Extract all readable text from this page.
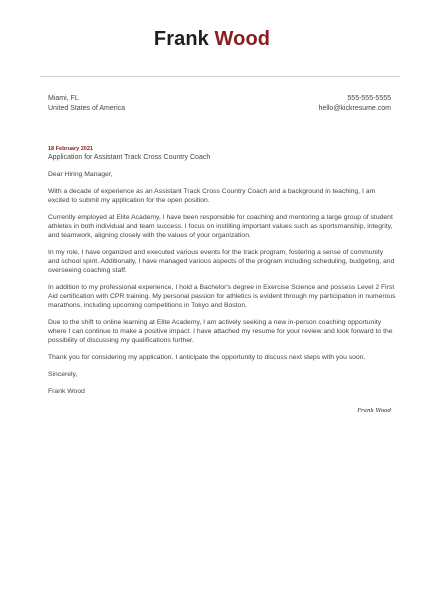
Frank Wood
Miami, FL
United States of America
555-555-5555
hello@kickresume.com
18 February 2021
Application for Assistant Track Cross Country Coach

Dear Hiring Manager,

With a decade of experience as an Assistant Track Cross Country Coach and a background in teaching, I am excited to submit my application for the open position.

Currently employed at Elite Academy, I have been responsible for coaching and mentoring a large group of student athletes in both individual and team success. I focus on instilling important values such as sportsmanship, integrity, and teamwork, aligning closely with the values of your organization.

In my role, I have organized and executed various events for the track program, fostering a sense of community and school spirit. Additionally, I have managed various aspects of the program including scheduling, budgeting, and overseeing coaching staff.

In addition to my professional experience, I hold a Bachelor's degree in Exercise Science and possess Level 2 First Aid certification with CPR training. My personal passion for athletics is evident through my participation in numerous marathons, including upcoming competitions in Tokyo and Boston.

Due to the shift to online learning at Elite Academy, I am actively seeking a new in-person coaching opportunity where I can continue to make a positive impact. I have attached my resume for your review and look forward to the possibility of discussing my qualifications further.

Thank you for considering my application. I anticipate the opportunity to discuss next steps with you soon.

Sincerely,

Frank Wood

Frank Wood
